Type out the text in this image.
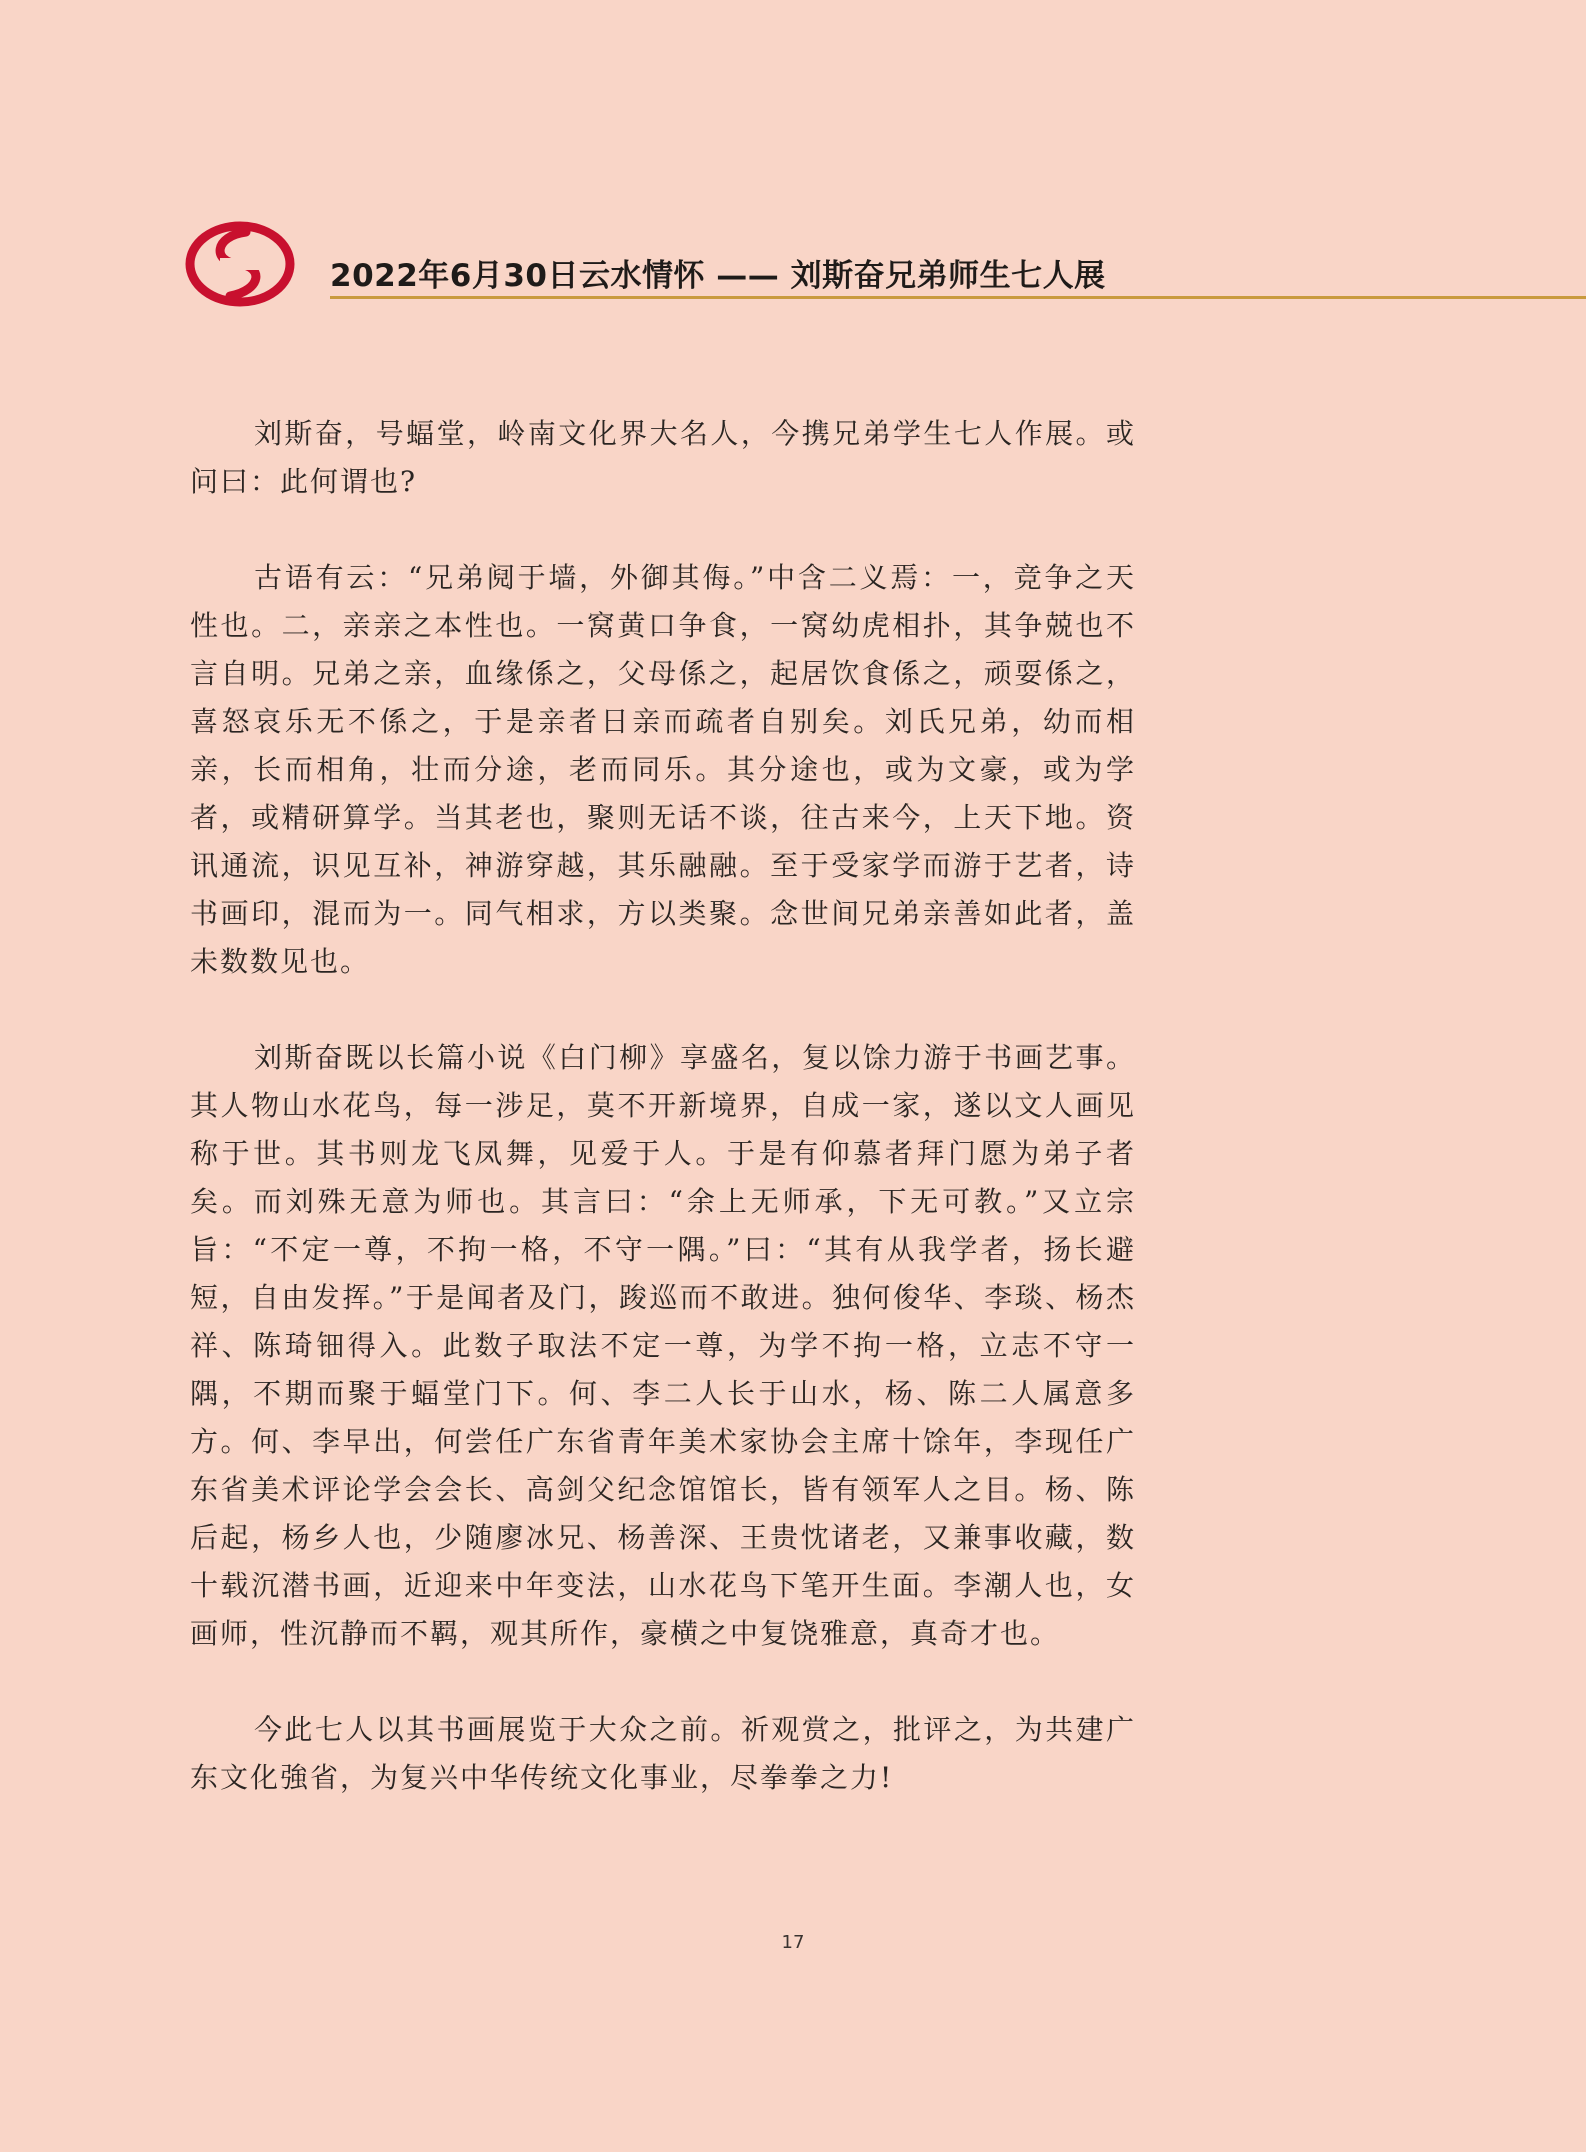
2022年6月30日云水情怀 —— 刘斯奋兄弟师生七人展

刘斯奋，号蝠堂，岭南文化界大名人，今携兄弟学生七人作展。或问曰：此何谓也?

古语有云：“兄弟阋于墙，外御其侮。”中含二义焉：一，竞争之天性也。二，亲亲之本性也。一窝黄口争食，一窝幼虎相扑，其争兢也不言自明。兄弟之亲，血缘係之，父母係之，起居饮食係之，顽耍係之，喜怒哀乐无不係之，于是亲者日亲而疏者自别矣。刘氏兄弟，幼而相亲，长而相角，壮而分途，老而同乐。其分途也，或为文豪，或为学者，或精研算学。当其老也，聚则无话不谈，往古来今，上天下地。资讯通流，识见互补，神游穿越，其乐融融。至于受家学而游于艺者，诗书画印，混而为一。同气相求，方以类聚。念世间兄弟亲善如此者，盖未数数见也。

刘斯奋既以长篇小说《白门柳》享盛名，复以馀力游于书画艺事。其人物山水花鸟，每一涉足，莫不开新境界，自成一家，遂以文人画见称于世。其书则龙飞凤舞，见爱于人。于是有仰慕者拜门愿为弟子者矣。而刘殊无意为师也。其言曰：“余上无师承，下无可教。”又立宗旨：“不定一尊，不拘一格，不守一隅。”曰：“其有从我学者，扬长避短，自由发挥。”于是闻者及门，踆巡而不敢进。独何俊华、李琰、杨杰祥、陈琦钿得入。此数子取法不定一尊，为学不拘一格，立志不守一隅，不期而聚于蝠堂门下。何、李二人长于山水，杨、陈二人属意多方。何、李早出，何尝任广东省青年美术家协会主席十馀年，李现任广东省美术评论学会会长、高剑父纪念馆馆长，皆有领军人之目。杨、陈后起，杨乡人也，少随廖冰兄、杨善深、王贵忱诸老，又兼事收藏，数十载沉潜书画，近迎来中年变法，山水花鸟下笔开生面。李潮人也，女画师，性沉静而不羁，观其所作，豪横之中复饶雅意，真奇才也。

今此七人以其书画展览于大众之前。祈观赏之，批评之，为共建广东文化強省，为复兴中华传统文化事业，尽拳拳之力!

17
